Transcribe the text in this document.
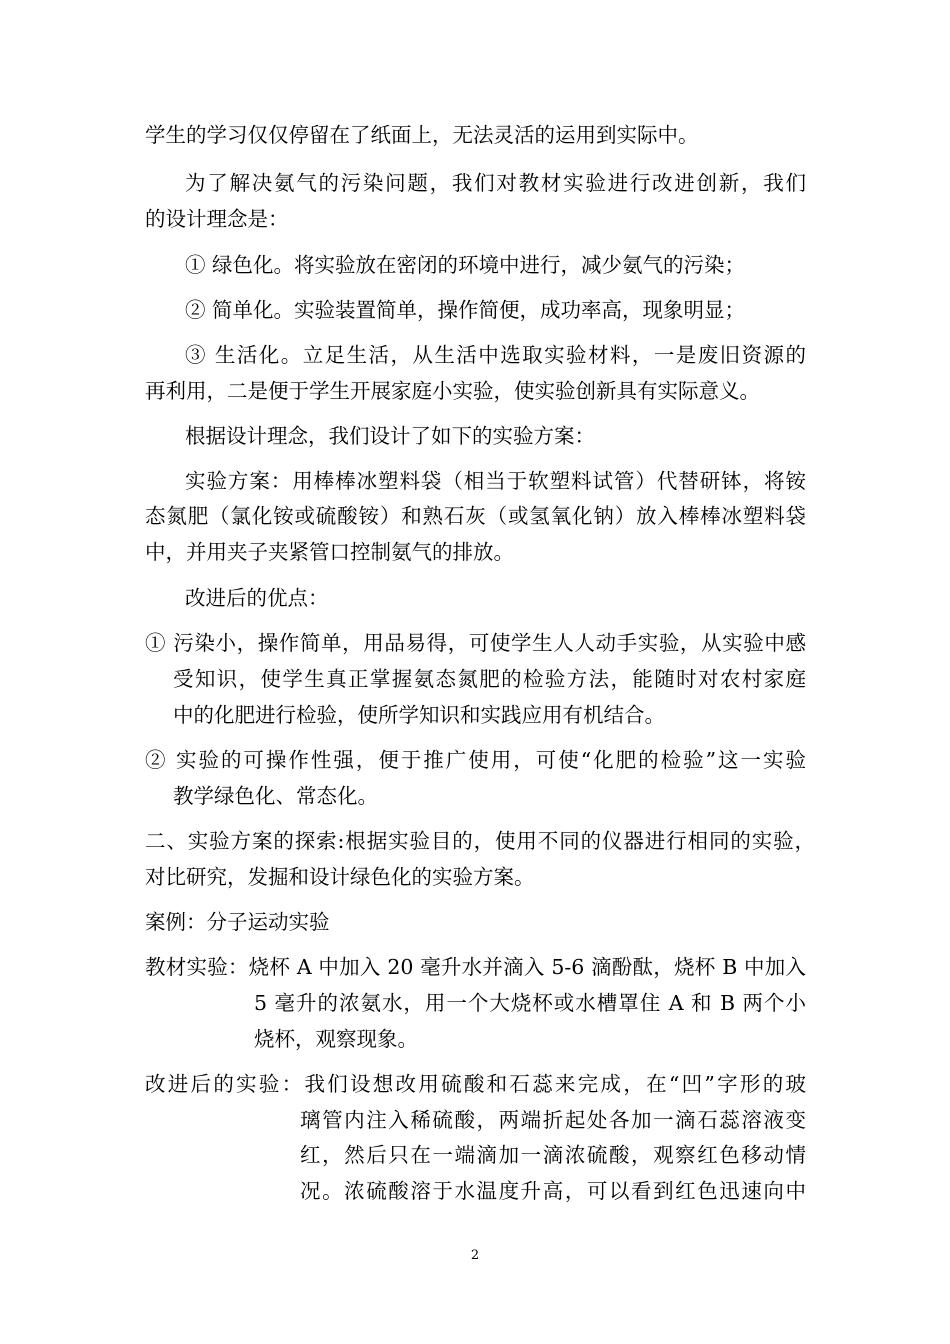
学生的学习仅仅停留在了纸面上，无法灵活的运用到实际中。
为了解决氨气的污染问题，我们对教材实验进行改进创新，我们
的设计理念是：
① 绿色化。将实验放在密闭的环境中进行，减少氨气的污染；
② 简单化。实验装置简单，操作简便，成功率高，现象明显；
③ 生活化。立足生活，从生活中选取实验材料，一是废旧资源的
再利用，二是便于学生开展家庭小实验，使实验创新具有实际意义。
根据设计理念，我们设计了如下的实验方案：
实验方案：用棒棒冰塑料袋（相当于软塑料试管）代替研钵，将铵
态氮肥（氯化铵或硫酸铵）和熟石灰（或氢氧化钠）放入棒棒冰塑料袋
中，并用夹子夹紧管口控制氨气的排放。
改进后的优点：
① 污染小，操作简单，用品易得，可使学生人人动手实验，从实验中感
受知识，使学生真正掌握氨态氮肥的检验方法，能随时对农村家庭
中的化肥进行检验，使所学知识和实践应用有机结合。
② 实验的可操作性强，便于推广使用，可使“化肥的检验”这一实验
教学绿色化、常态化。
二、实验方案的探索:根据实验目的，使用不同的仪器进行相同的实验，
对比研究，发掘和设计绿色化的实验方案。
案例：分子运动实验
教材实验：烧杯 A 中加入 20 毫升水并滴入 5-6 滴酚酞，烧杯 B 中加入
5 毫升的浓氨水，用一个大烧杯或水槽罩住 A 和 B 两个小
烧杯，观察现象。
改进后的实验：我们设想改用硫酸和石蕊来完成，在“凹”字形的玻
璃管内注入稀硫酸，两端折起处各加一滴石蕊溶液变
红，然后只在一端滴加一滴浓硫酸，观察红色移动情
况。浓硫酸溶于水温度升高，可以看到红色迅速向中
2
